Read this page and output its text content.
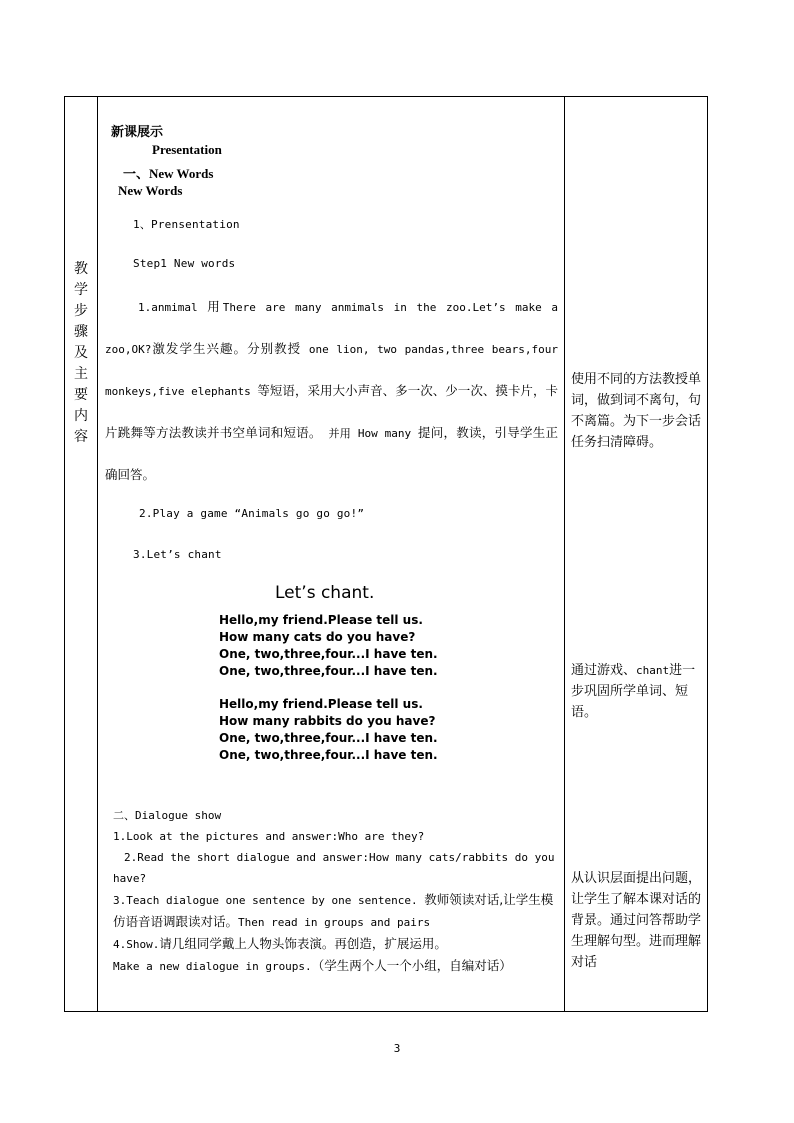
教
学
步
骤
及
主
要
内
容
新课展示
Presentation
一、New Words
New Words
1、Prensentation
Step1 New words
1.anmimal 用There are many anmimals in the zoo.Let’s make a zoo,OK?激发学生兴趣。分别教授 one lion, two pandas,three bears,four monkeys,five elephants 等短语，采用大小声音、多一次、少一次、摸卡片，卡片跳舞等方法教读并书空单词和短语。 并用 How many 提问，教读，引导学生正确回答。
2.Play a game “Animals go go go!”
3.Let’s chant
Let’s chant.
Hello,my friend.Please tell us.
How many cats do you have?
One, two,three,four...I have ten.
One, two,three,four...I have ten.
Hello,my friend.Please tell us.
How many rabbits do you have?
One, two,three,four...I have ten.
One, two,three,four...I have ten.
二、Dialogue show
1.Look at the pictures and answer:Who are they?
2.Read the short dialogue and answer:How many cats/rabbits do you have?
3.Teach dialogue one sentence by one sentence. 教师领读对话,让学生模仿语音语调跟读对话。Then read in groups and pairs
4.Show.请几组同学戴上人物头饰表演。再创造，扩展运用。
Make a new dialogue in groups.（学生两个人一个小组，自编对话）
使用不同的方法教授单词，做到词不离句，句不离篇。为下一步会话任务扫清障碍。
通过游戏、chant进一步巩固所学单词、短语。
从认识层面提出问题，让学生了解本课对话的背景。通过问答帮助学生理解句型。进而理解对话
3
